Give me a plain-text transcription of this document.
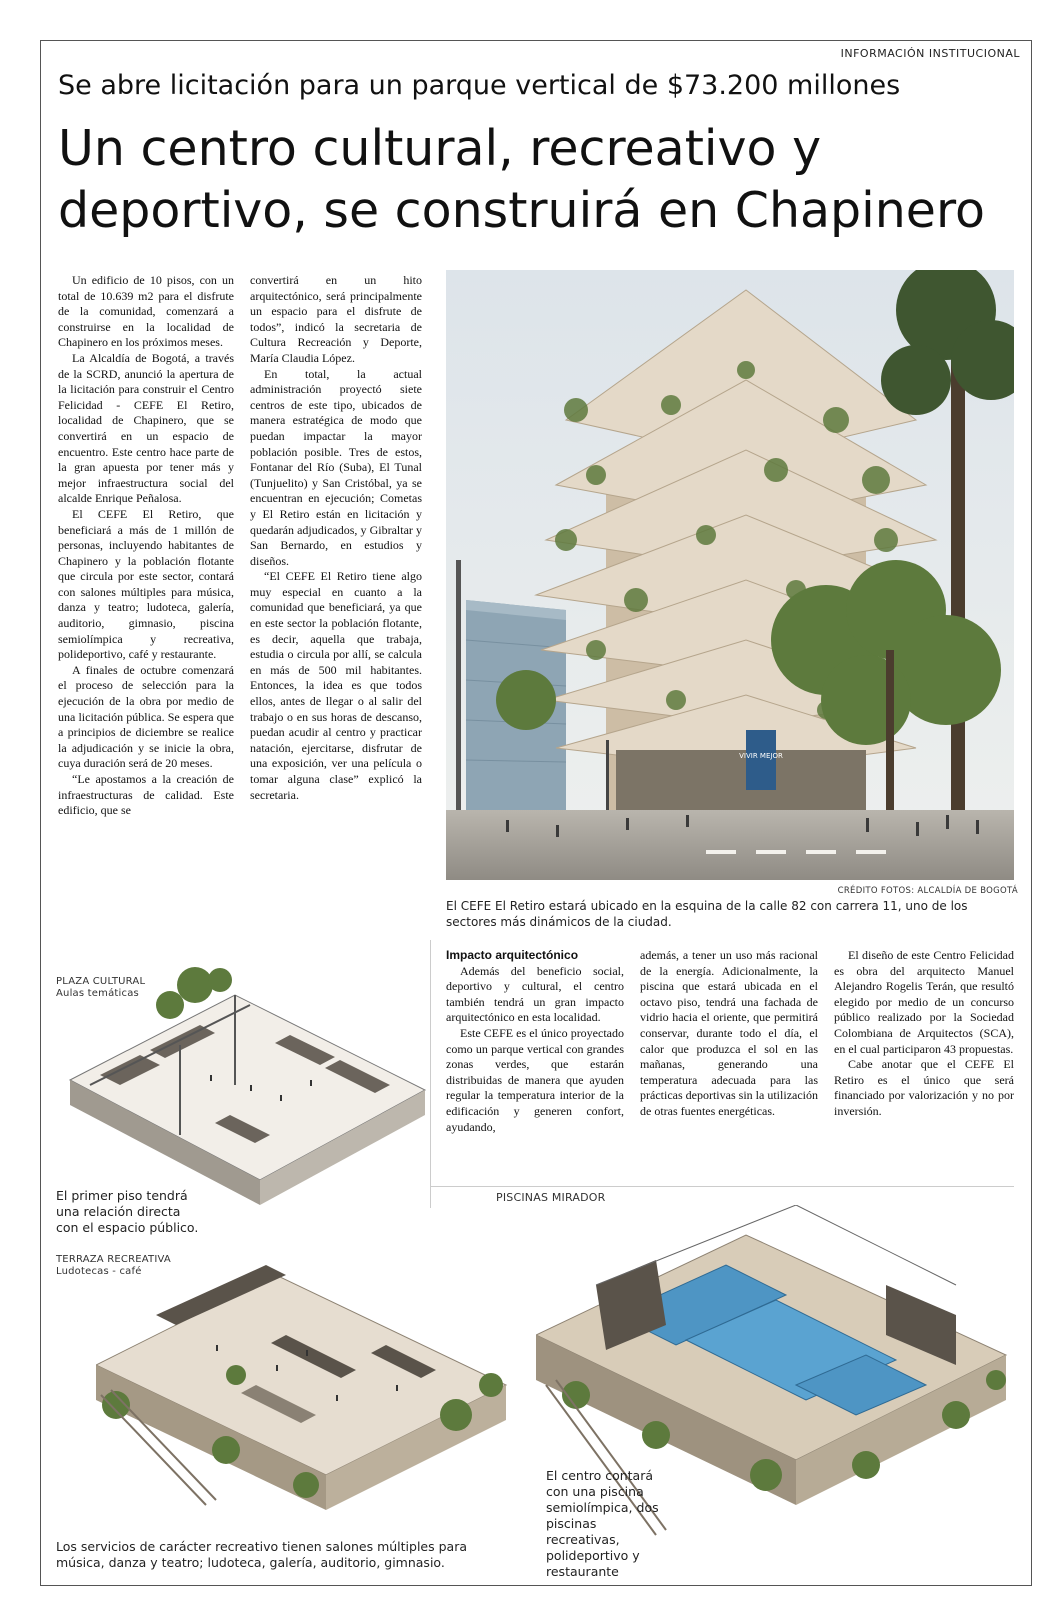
INFORMACIÓN INSTITUCIONAL
Se abre licitación para un parque vertical de $73.200 millones
Un centro cultural, recreativo y deportivo, se construirá en Chapinero

Un edificio de 10 pisos, con un total de 10.639 m2 para el disfrute de la comunidad, comenzará a construirse en la localidad de Chapinero en los próximos meses.

La Alcaldía de Bogotá, a través de la SCRD, anunció la apertura de la licitación para construir el Centro Felicidad - CEFE El Retiro, localidad de Chapinero, que se convertirá en un espacio de encuentro. Este centro hace parte de la gran apuesta por tener más y mejor infraestructura social del alcalde Enrique Peñalosa.

El CEFE El Retiro, que beneficiará a más de 1 millón de personas, incluyendo habitantes de Chapinero y la población flotante que circula por este sector, contará con salones múltiples para música, danza y teatro; ludoteca, galería, auditorio, gimnasio, piscina semiolímpica y recreativa, polideportivo, café y restaurante.

A finales de octubre comenzará el proceso de selección para la ejecución de la obra por medio de una licitación pública. Se espera que a principios de diciembre se realice la adjudicación y se inicie la obra, cuya duración será de 20 meses.

“Le apostamos a la creación de infraestructuras de calidad. Este edificio, que se

convertirá en un hito arquitectónico, será principalmente un espacio para el disfrute de todos”, indicó la secretaria de Cultura Recreación y Deporte, María Claudia López.

En total, la actual administración proyectó siete centros de este tipo, ubicados de manera estratégica de modo que puedan impactar la mayor población posible. Tres de estos, Fontanar del Río (Suba), El Tunal (Tunjuelito) y San Cristóbal, ya se encuentran en ejecución; Cometas y El Retiro están en licitación y quedarán adjudicados, y Gibraltar y San Bernardo, en estudios y diseños.

“El CEFE El Retiro tiene algo muy especial en cuanto a la comunidad que beneficiará, ya que en este sector la población flotante, es decir, aquella que trabaja, estudia o circula por allí, se calcula en más de 500 mil habitantes. Entonces, la idea es que todos ellos, antes de llegar o al salir del trabajo o en sus horas de descanso, puedan acudir al centro y practicar natación, ejercitarse, disfrutar de una exposición, ver una película o tomar alguna clase” explicó la secretaria.

VIVIR MEJOR
CRÉDITO FOTOS: ALCALDÍA DE BOGOTÁ
El CEFE El Retiro estará ubicado en la esquina de la calle 82 con carrera 11, uno de los sectores más dinámicos de la ciudad.

Impacto arquitectónico

Además del beneficio social, deportivo y cultural, el centro también tendrá un gran impacto arquitectónico en esta localidad.

Este CEFE es el único proyectado como un parque vertical con grandes zonas verdes, que estarán distribuidas de manera que ayuden regular la temperatura interior de la edificación y generen confort, ayudando,

además, a tener un uso más racional de la energía. Adicionalmente, la piscina que estará ubicada en el octavo piso, tendrá una fachada de vidrio hacia el oriente, que permitirá conservar, durante todo el día, el calor que produzca el sol en las mañanas, generando una temperatura adecuada para las prácticas deportivas sin la utilización de otras fuentes energéticas.

El diseño de este Centro Felicidad es obra del arquitecto Manuel Alejandro Rogelis Terán, que resultó elegido por medio de un concurso público realizado por la Sociedad Colombiana de Arquitectos (SCA), en el cual participaron 43 propuestas.

Cabe anotar que el CEFE El Retiro es el único que será financiado por valorización y no por inversión.

PLAZA CULTURAL
Aulas temáticas
El primer piso tendrá una relación directa con el espacio público.
PISCINAS MIRADOR
El centro contará con una piscina semiolímpica, dos piscinas recreativas, polideportivo y restaurante
TERRAZA RECREATIVA
Ludotecas - café
Los servicios de carácter recreativo tienen salones múltiples para música, danza y teatro; ludoteca, galería, auditorio, gimnasio.
